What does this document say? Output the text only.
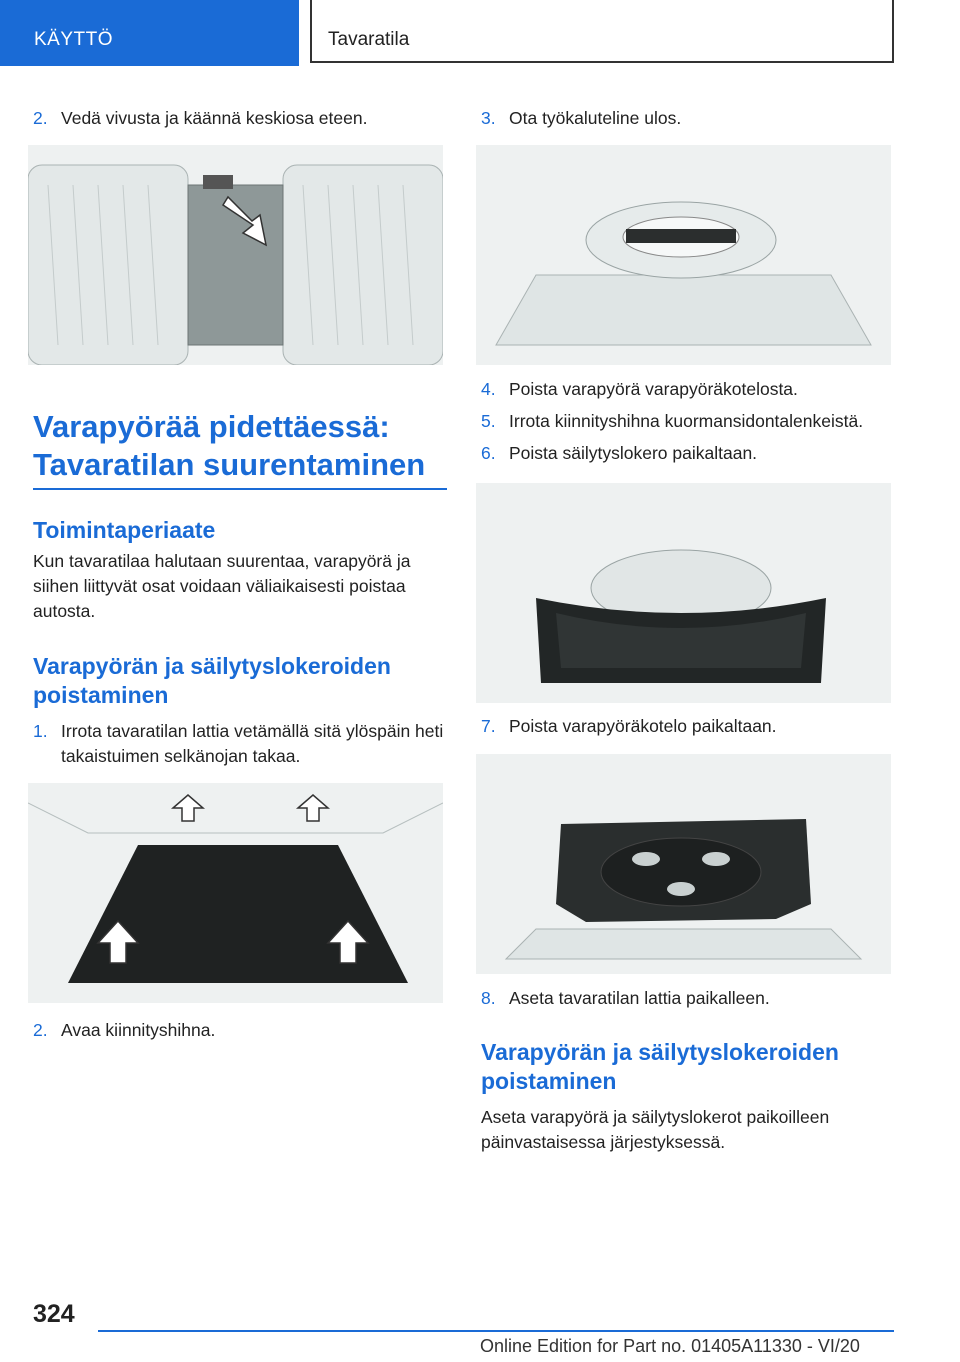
KÄYTTÖ	Tavaratila
2. Vedä vivusta ja käännä keskiosa eteen.
Varapyörää pidettäessä: Tavaratilan suurentaminen
Toimintaperiaate
Kun tavaratilaa halutaan suurentaa, varapyörä ja siihen liittyvät osat voidaan väliaikaisesti poistaa autosta.
Varapyörän ja säilytyslokeroiden poistaminen
1. Irrota tavaratilan lattia vetämällä sitä ylöspäin heti takaistuimen selkänojan takaa.
2. Avaa kiinnityshihna.
3. Ota työkaluteline ulos.
4. Poista varapyörä varapyöräkotelosta.
5. Irrota kiinnityshihna kuormansidontalenkeistä.
6. Poista säilytyslokero paikaltaan.
7. Poista varapyöräkotelo paikaltaan.
8. Aseta tavaratilan lattia paikalleen.
Varapyörän ja säilytyslokeroiden poistaminen
Aseta varapyörä ja säilytyslokerot paikoilleen päinvastaisessa järjestyksessä.
324
Online Edition for Part no. 01405A11330 - VI/20
